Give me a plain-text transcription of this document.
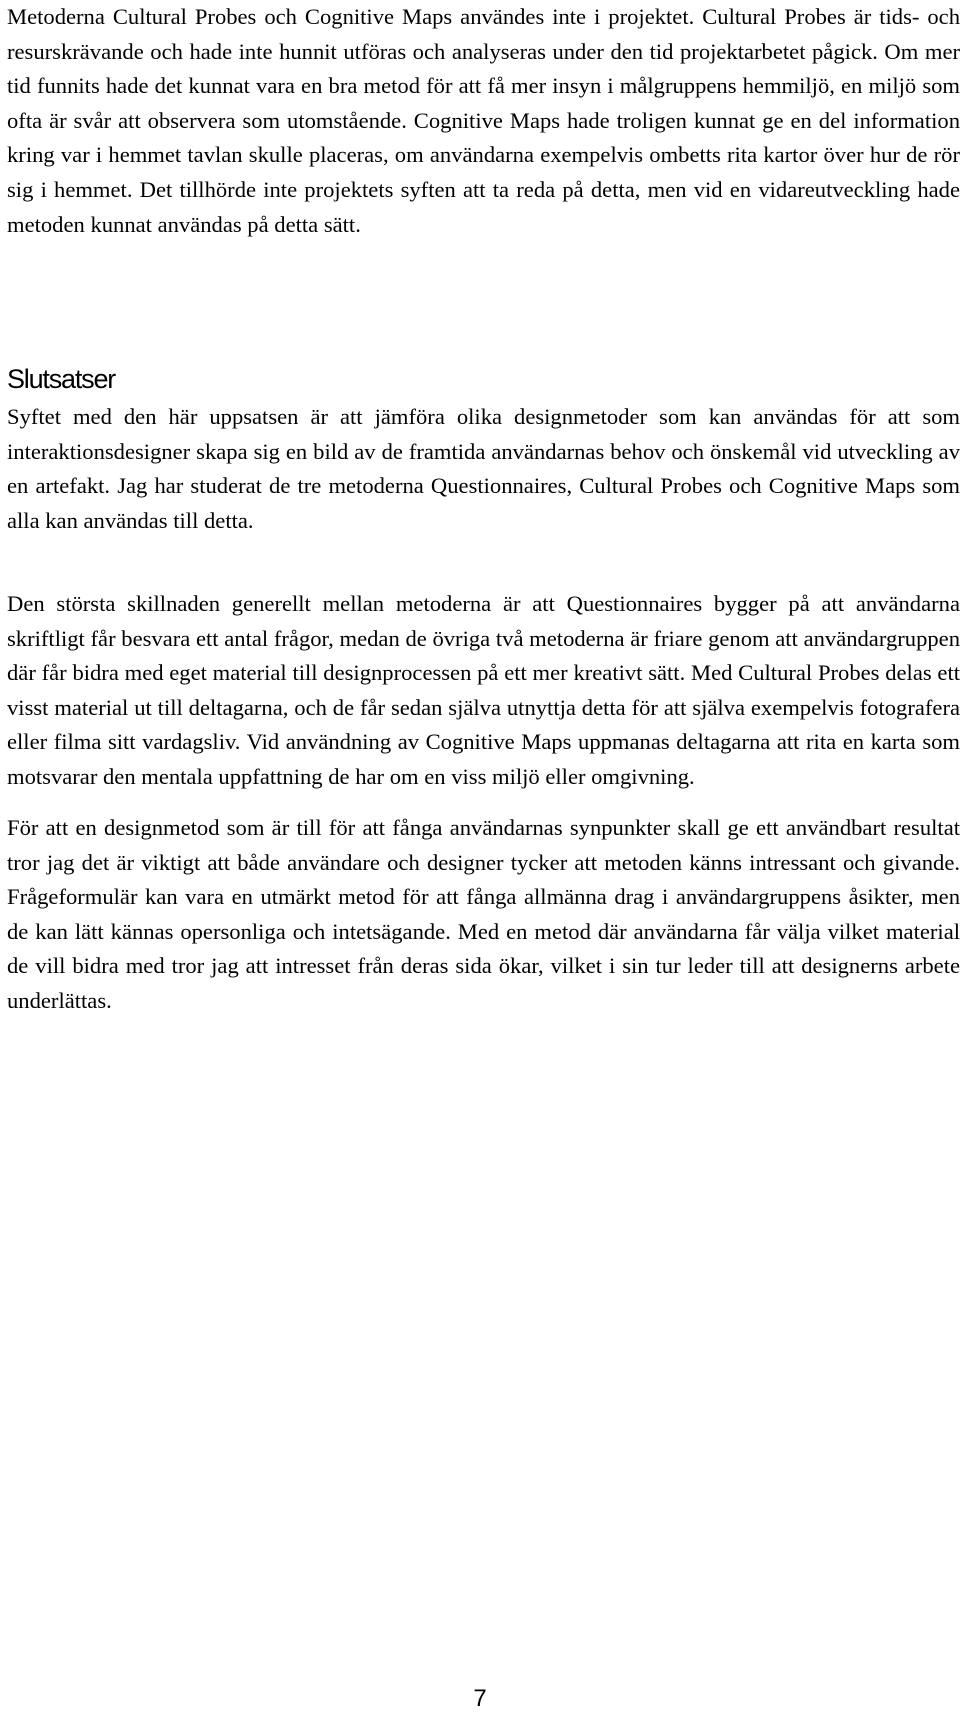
Metoderna Cultural Probes och Cognitive Maps användes inte i projektet. Cultural Probes är tids- och resurskrävande och hade inte hunnit utföras och analyseras under den tid projektarbetet pågick. Om mer tid funnits hade det kunnat vara en bra metod för att få mer insyn i målgruppens hemmiljö, en miljö som ofta är svår att observera som utomstående. Cognitive Maps hade troligen kunnat ge en del information kring var i hemmet tavlan skulle placeras, om användarna exempelvis ombetts rita kartor över hur de rör sig i hemmet. Det tillhörde inte projektets syften att ta reda på detta, men vid en vidareutveckling hade metoden kunnat användas på detta sätt.

Slutsatser

Syftet med den här uppsatsen är att jämföra olika designmetoder som kan användas för att som interaktionsdesigner skapa sig en bild av de framtida användarnas behov och önskemål vid utveckling av en artefakt. Jag har studerat de tre metoderna Questionnaires, Cultural Probes och Cognitive Maps som alla kan användas till detta.

Den största skillnaden generellt mellan metoderna är att Questionnaires bygger på att användarna skriftligt får besvara ett antal frågor, medan de övriga två metoderna är friare genom att användargruppen där får bidra med eget material till designprocessen på ett mer kreativt sätt. Med Cultural Probes delas ett visst material ut till deltagarna, och de får sedan själva utnyttja detta för att själva exempelvis fotografera eller filma sitt vardagsliv. Vid användning av Cognitive Maps uppmanas deltagarna att rita en karta som motsvarar den mentala uppfattning de har om en viss miljö eller omgivning.

För att en designmetod som är till för att fånga användarnas synpunkter skall ge ett användbart resultat tror jag det är viktigt att både användare och designer tycker att metoden känns intressant och givande. Frågeformulär kan vara en utmärkt metod för att fånga allmänna drag i användargruppens åsikter, men de kan lätt kännas opersonliga och intetsägande. Med en metod där användarna får välja vilket material de vill bidra med tror jag att intresset från deras sida ökar, vilket i sin tur leder till att designerns arbete underlättas.

7
